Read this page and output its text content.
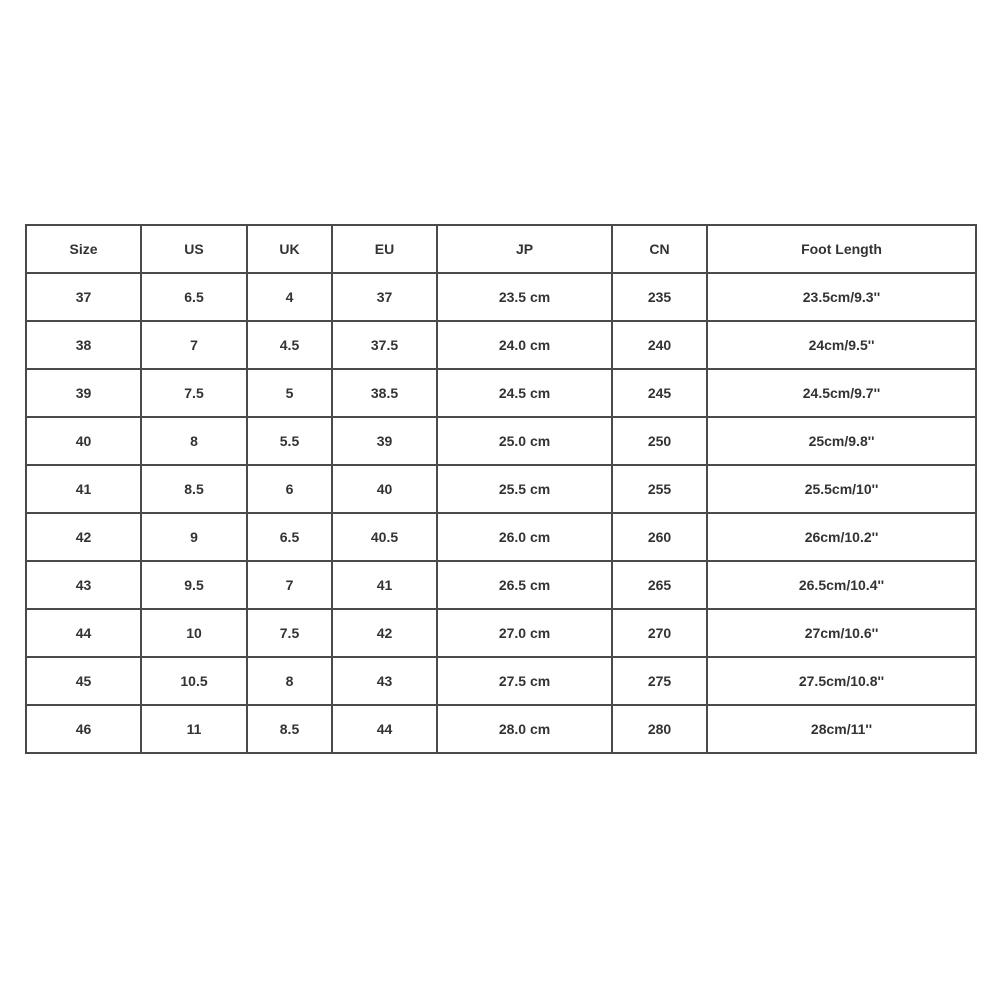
Size	US	UK	EU	JP	CN	Foot Length
37	6.5	4	37	23.5 cm	235	23.5cm/9.3''
38	7	4.5	37.5	24.0 cm	240	24cm/9.5''
39	7.5	5	38.5	24.5 cm	245	24.5cm/9.7''
40	8	5.5	39	25.0 cm	250	25cm/9.8''
41	8.5	6	40	25.5 cm	255	25.5cm/10''
42	9	6.5	40.5	26.0 cm	260	26cm/10.2''
43	9.5	7	41	26.5 cm	265	26.5cm/10.4''
44	10	7.5	42	27.0 cm	270	27cm/10.6''
45	10.5	8	43	27.5 cm	275	27.5cm/10.8''
46	11	8.5	44	28.0 cm	280	28cm/11''
